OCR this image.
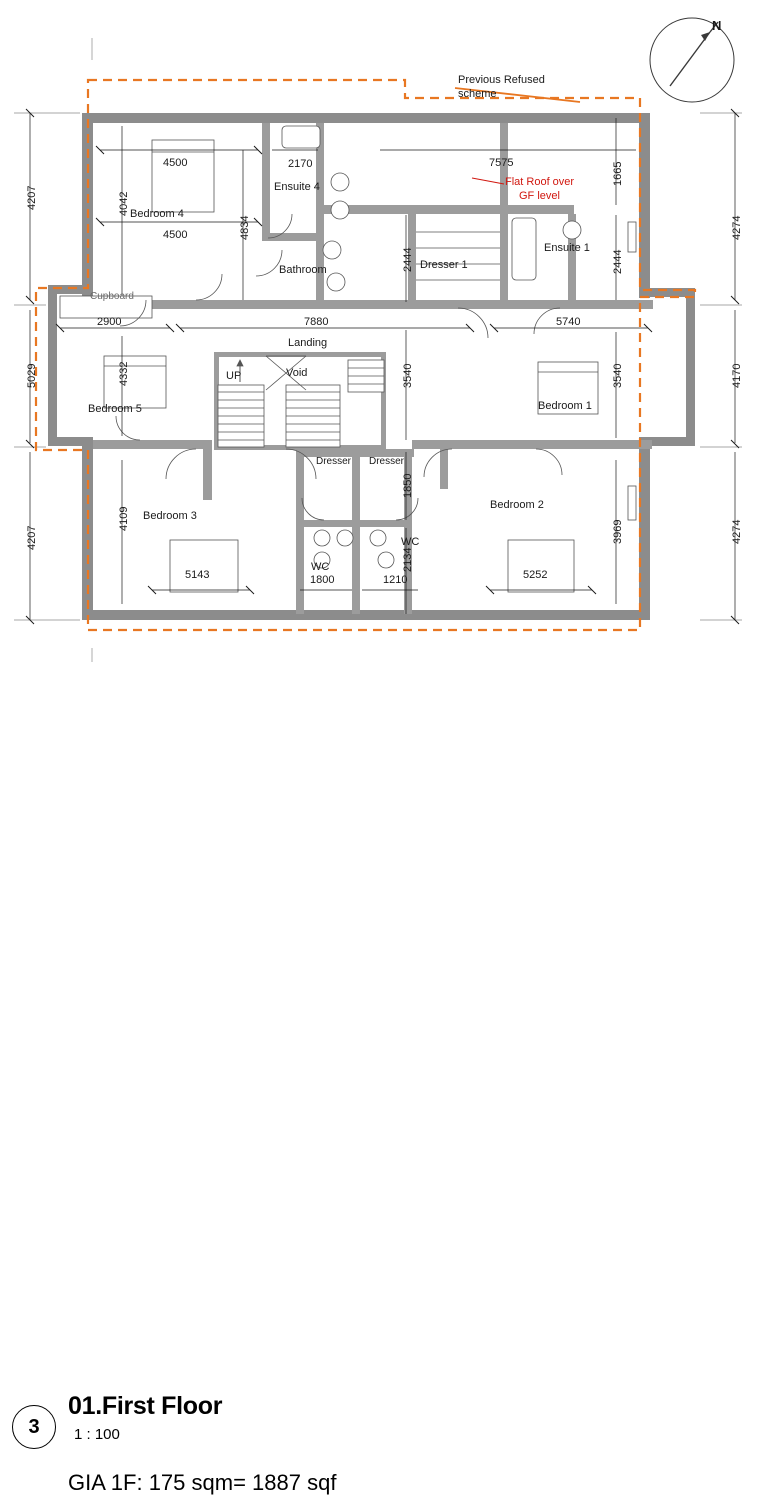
Previous Refused
scheme
Flat Roof over
GF level
Bedroom 4
Ensuite 4
Bathroom	Dresser 1
Ensuite 1
Cupboard
Landing
Void
UP
Bedroom 5	Bedroom 1
Dresser Dresser
Bedroom 3
Bedroom 2
WC
WC
4500	2170	7575
4500
2900	7880	5740
5143	1800	1210	5252
4207	4042
4834
2444	2444
1665
4274
5029	4332	3540	3540	4170
1850
2134
4207
4109
3969	4274
N
3
01.First Floor
1 : 100
GIA 1F: 175 sqm= 1887 sqf
